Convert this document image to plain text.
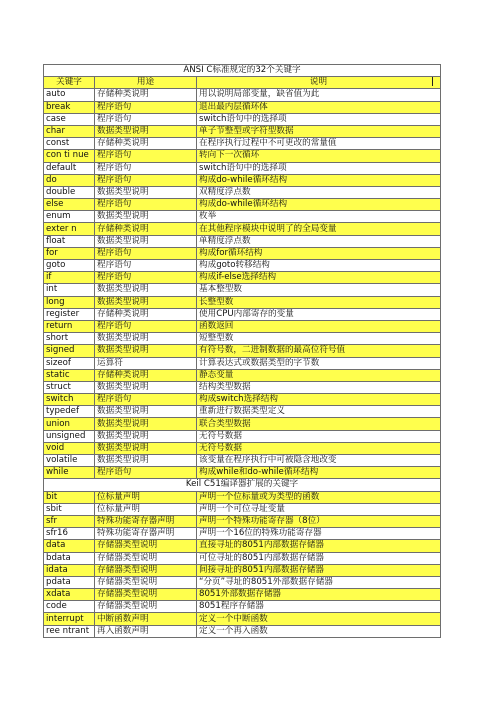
ANSI C标准规定的32个关键字		
关键字	用途	说明
auto	存储种类说明	用以说明局部变量，缺省值为此
break	程序语句	退出最内层循环体
case	程序语句	switch语句中的选择项
char	数据类型说明	单子节整型或字符型数据
const	存储种类说明	在程序执行过程中不可更改的常量值
con ti nue	程序语句	转向下一次循环
default	程序语句	switch语句中的选择项
do	程序语句	构成do-while循环结构
double	数据类型说明	双精度浮点数
else	程序语句	构成do-while循环结构
enum	数据类型说明	枚举
exter n	存储种类说明	在其他程序模块中说明了的全局变量
float	数据类型说明	单精度浮点数
for	程序语句	构成for循环结构
goto	程序语句	构成goto转移结构
if	程序语句	构成if-else选择结构
int	数据类型说明	基本整型数
long	数据类型说明	长整型数
register	存储种类说明	使用CPU内部寄存的变量
return	程序语句	函数返回
short	数据类型说明	短整型数
signed	数据类型说明	有符号数，二进制数据的最高位符号值
sizeof	运算符	计算表达式或数据类型的字节数
static	存储种类说明	静态变量
struct	数据类型说明	结构类型数据
switch	程序语句	构成switch选择结构
typedef	数据类型说明	重新进行数据类型定义
union	数据类型说明	联合类型数据
unsigned	数据类型说明	无符号数据
void	数据类型说明	无符号数据
volatile	数据类型说明	该变量在程序执行中可被隐含地改变
while	程序语句	构成while和do-while循环结构
Keil C51编译器扩展的关键字		
bit	位标量声明	声明一个位标量或为类型的函数
sbit	位标量声明	声明一个可位寻址变量
sfr	特殊功能寄存器声明	声明一个特殊功能寄存器（8位）
sfr16	特殊功能寄存器声明	声明一个16位的特殊功能寄存器
data	存储器类型说明	直接寻址的8051内部数据存储器
bdata	存储器类型说明	可位寻址的8051内部数据存储器
idata	存储器类型说明	间接寻址的8051内部数据存储器
pdata	存储器类型说明	“分页”寻址的8051外部数据存储器
xdata	存储器类型说明	8051外部数据存储器
code	存储器类型说明	8051程序存储器
interrupt	中断函数声明	定义一个中断函数
ree ntrant	再入函数声明	定义一个再入函数
